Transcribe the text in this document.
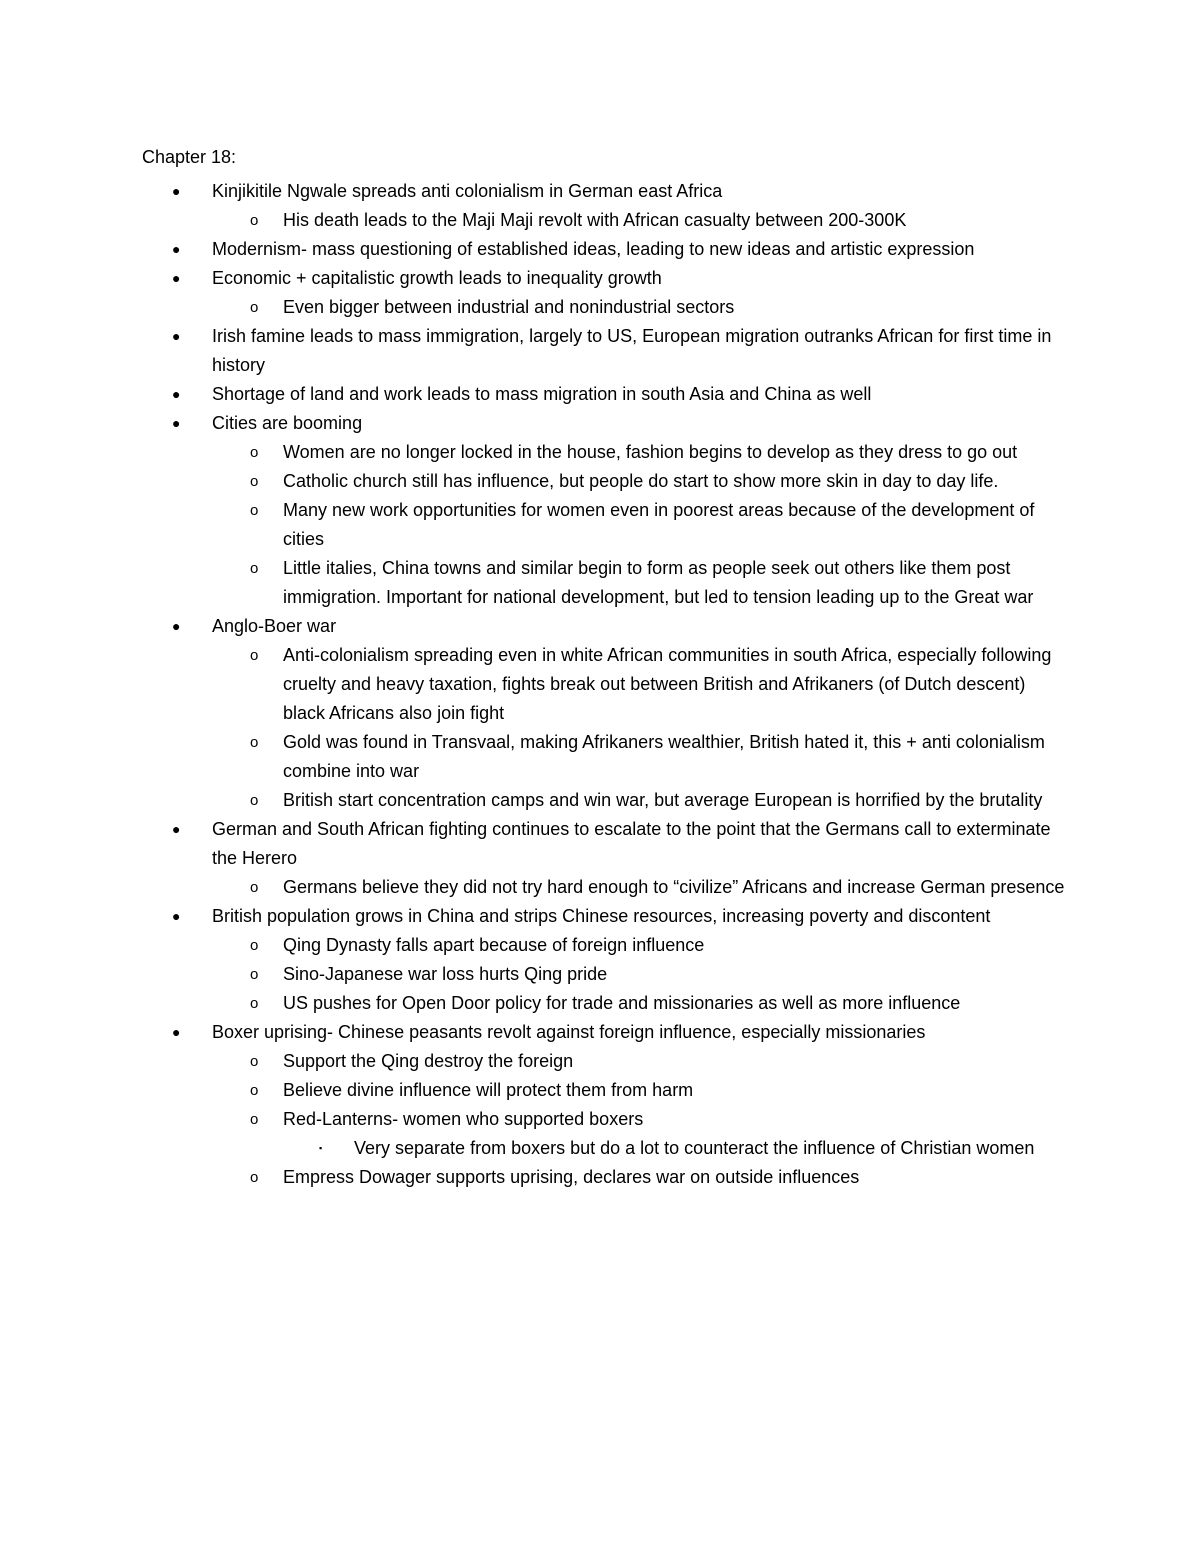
Chapter 18:
● Kinjikitile Ngwale spreads anti colonialism in German east Africa
o His death leads to the Maji Maji revolt with African casualty between 200-300K
● Modernism- mass questioning of established ideas, leading to new ideas and artistic expression
● Economic + capitalistic growth leads to inequality growth
o Even bigger between industrial and nonindustrial sectors
● Irish famine leads to mass immigration, largely to US, European migration outranks African for first time in history
● Shortage of land and work leads to mass migration in south Asia and China as well
● Cities are booming
o Women are no longer locked in the house, fashion begins to develop as they dress to go out
o Catholic church still has influence, but people do start to show more skin in day to day life.
o Many new work opportunities for women even in poorest areas because of the development of cities
o Little italies, China towns and similar begin to form as people seek out others like them post immigration. Important for national development, but led to tension leading up to the Great war
● Anglo-Boer war
o Anti-colonialism spreading even in white African communities in south Africa, especially following cruelty and heavy taxation, fights break out between British and Afrikaners (of Dutch descent) black Africans also join fight
o Gold was found in Transvaal, making Afrikaners wealthier, British hated it, this + anti colonialism combine into war
o British start concentration camps and win war, but average European is horrified by the brutality
● German and South African fighting continues to escalate to the point that the Germans call to exterminate the Herero
o Germans believe they did not try hard enough to “civilize” Africans and increase German presence
● British population grows in China and strips Chinese resources, increasing poverty and discontent
o Qing Dynasty falls apart because of foreign influence
o Sino-Japanese war loss hurts Qing pride
o US pushes for Open Door policy for trade and missionaries as well as more influence
● Boxer uprising- Chinese peasants revolt against foreign influence, especially missionaries
o Support the Qing destroy the foreign
o Believe divine influence will protect them from harm
o Red-Lanterns- women who supported boxers
▪ Very separate from boxers but do a lot to counteract the influence of Christian women
o Empress Dowager supports uprising, declares war on outside influences
